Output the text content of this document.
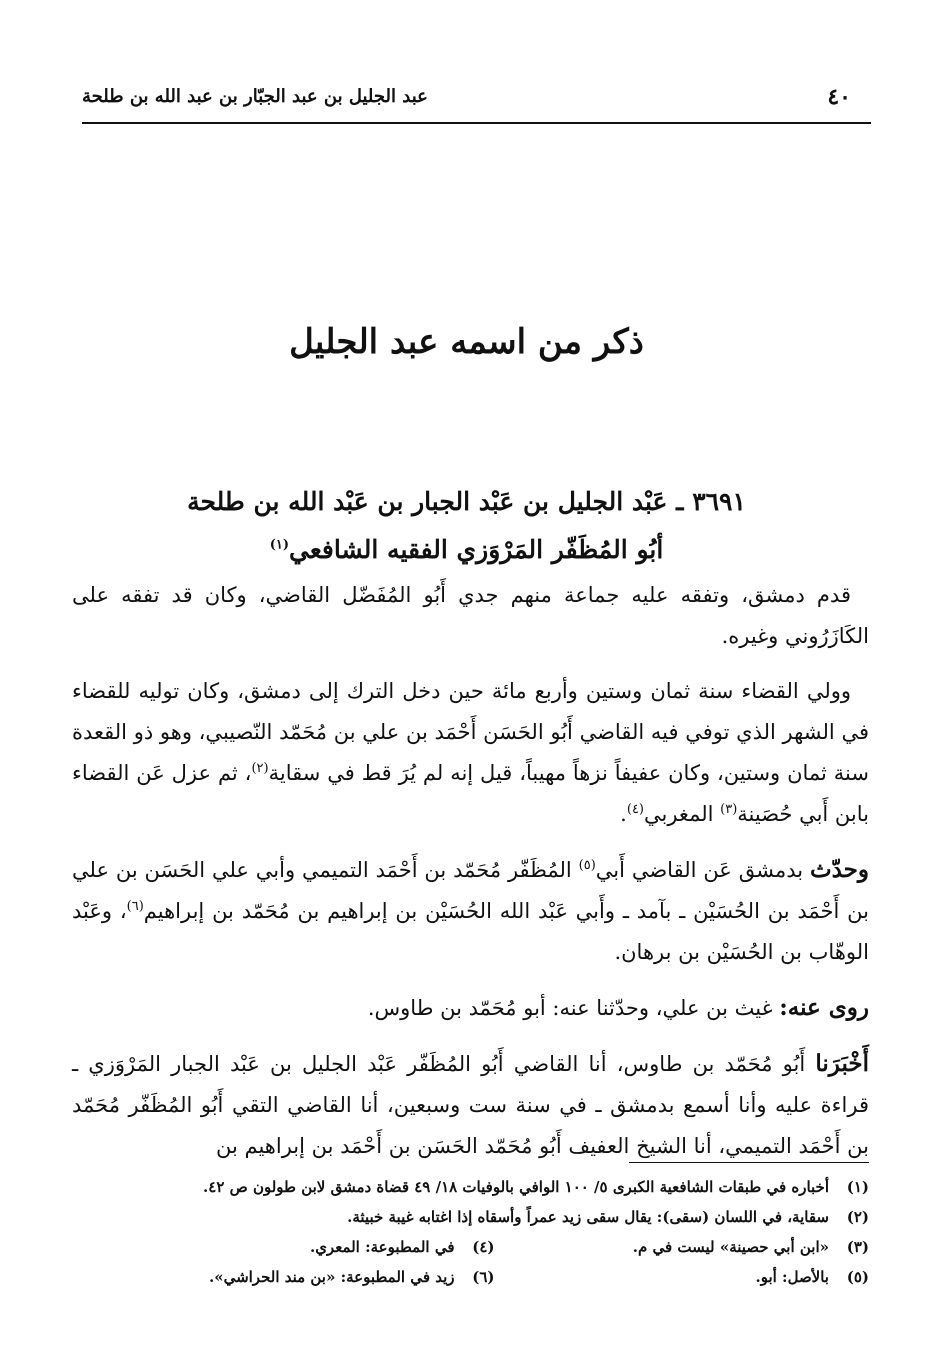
٤٠
عبد الجليل بن عبد الجبّار بن عبد الله بن طلحة
ذكر من اسمه عبد الجليل
٣٦٩١ ـ عَبْد الجليل بن عَبْد الجبار بن عَبْد الله بن طلحة
أبُو المُظَفّر المَرْوَزي الفقيه الشافعي$^{(١)}$

قدم دمشق، وتفقه عليه جماعة منهم جدي أَبُو المُفَضّل القاضي، وكان قد تفقه على الكَازَرُوني وغيره.

وولي القضاء سنة ثمان وستين وأربع مائة حين دخل الترك إلى دمشق، وكان توليه للقضاء في الشهر الذي توفي فيه القاضي أَبُو الحَسَن أَحْمَد بن علي بن مُحَمّد النّصيبي، وهو ذو القعدة سنة ثمان وستين، وكان عفيفاً نزهاً مهيباً، قيل إنه لم يُرَ قط في سقاية$^{(٢)}$، ثم عزل عَن القضاء بابن أَبي حُصَينة$^{(٣)}$ المغربي$^{(٤)}$.

وحدّث بدمشق عَن القاضي أَبي$^{(٥)}$ المُظَفّر مُحَمّد بن أَحْمَد التميمي وأبي علي الحَسَن بن علي بن أَحْمَد بن الحُسَيْن ـ بآمد ـ وأَبي عَبْد الله الحُسَيْن بن إبراهيم بن مُحَمّد بن إبراهيم$^{(٦)}$، وعَبْد الوهّاب بن الحُسَيْن بن برهان.

روى عنه: غيث بن علي، وحدّثنا عنه: أبو مُحَمّد بن طاوس.

أَخْبَرَنا أَبُو مُحَمّد بن طاوس، أنا القاضي أَبُو المُظَفّر عَبْد الجليل بن عَبْد الجبار المَرْوَزي ـ قراءة عليه وأنا أسمع بدمشق ـ في سنة ست وسبعين، أنا القاضي التقي أَبُو المُظَفّر مُحَمّد بن أَحْمَد التميمي، أنا الشيخ العفيف أَبُو مُحَمّد الحَسَن بن أَحْمَد بن إبراهيم بن

(١)أخباره في طبقات الشافعية الكبرى ٥/ ١٠٠ الوافي بالوفيات ١٨/ ٤٩ قضاة دمشق لابن طولون ص ٤٢.
(٢)سقاية، في اللسان (سقى): يقال سقى زيد عمراً وأسقاه إذا اغتابه غيبة خبيثة.
(٣)«ابن أبي حصينة» ليست في م.
(٤)في المطبوعة: المعري.
(٥)بالأصل: أبو.
(٦)زيد في المطبوعة: «بن مند الحراشي».
